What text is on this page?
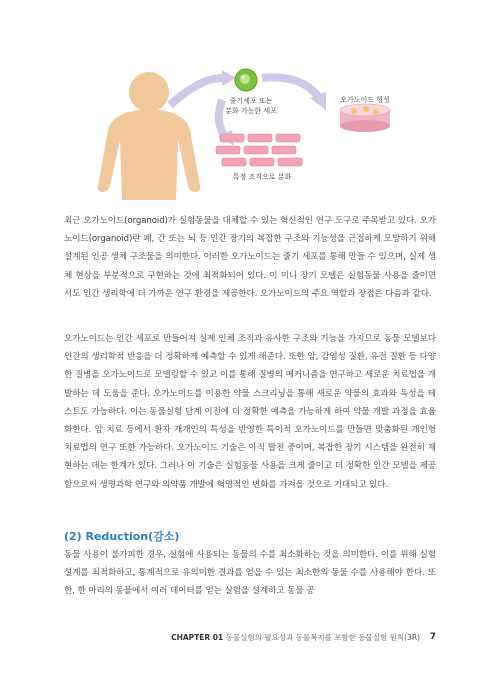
줄기세포 또는
분화 가능한 세포
오가노이드 형성
특정 조직으로 분화

최근 오가노이드(organoid)가 실험동물을 대체할 수 있는 혁신적인 연구 도구로 주목받고 있다. 오가노이드(organoid)란 폐, 간 또는 뇌 등 인간 장기의 복잡한 구조와 기능성을 근접하게 모방하기 위해 설계된 인공 생체 구조물을 의미한다. 이러한 오가노이드는 줄기 세포를 통해 만들 수 있으며, 실제 생체 현상을 부분적으로 구현하는 것에 최적화되어 있다. 이 미니 장기 모델은 실험동물 사용을 줄이면서도 인간 생리학에 더 가까운 연구 환경을 제공한다. 오가노이드의 주요 역할과 장점은 다음과 같다.

오가노이드는 인간 세포로 만들어져 실제 인체 조직과 유사한 구조와 기능을 가지므로 동물 모델보다 인간의 생리학적 반응을 더 정확하게 예측할 수 있게 해준다. 또한 암, 감염성 질환, 유전 질환 등 다양한 질병을 오가노이드로 모델링할 수 있고 이를 통해 질병의 메커니즘을 연구하고 새로운 치료법을 개발하는 데 도움을 준다. 오가노이드를 이용한 약물 스크리닝을 통해 새로운 약물의 효과와 독성을 테스트도 가능하다. 이는 동물실험 단계 이전에 더 정확한 예측을 가능하게 하여 약물 개발 과정을 효율화한다. 암 치료 등에서 환자 개개인의 특성을 반영한 특이적 오가노이드를 만들면 맞춤화된 개인형 치료법의 연구 또한 가능하다. 오가노이드 기술은 아직 발전 중이며, 복잡한 장기 시스템을 완전히 재현하는 데는 한계가 있다. 그러나 이 기술은 실험동물 사용을 크게 줄이고 더 정확한 인간 모델을 제공함으로써 생명과학 연구와 의약품 개발에 혁명적인 변화를 가져올 것으로 기대되고 있다.

(2) Reduction(감소)

동물 사용이 불가피한 경우, 실험에 사용되는 동물의 수를 최소화하는 것을 의미한다. 이를 위해 실험 설계를 최적화하고, 통계적으로 유의미한 결과를 얻을 수 있는 최소한의 동물 수를 사용해야 한다. 또한, 한 마리의 동물에서 여러 데이터를 얻는 실험을 설계하고 동물 공

CHAPTER 01 동물실험의 필요성과 동물복지를 포함한 동물실험 원칙(3R) 7
